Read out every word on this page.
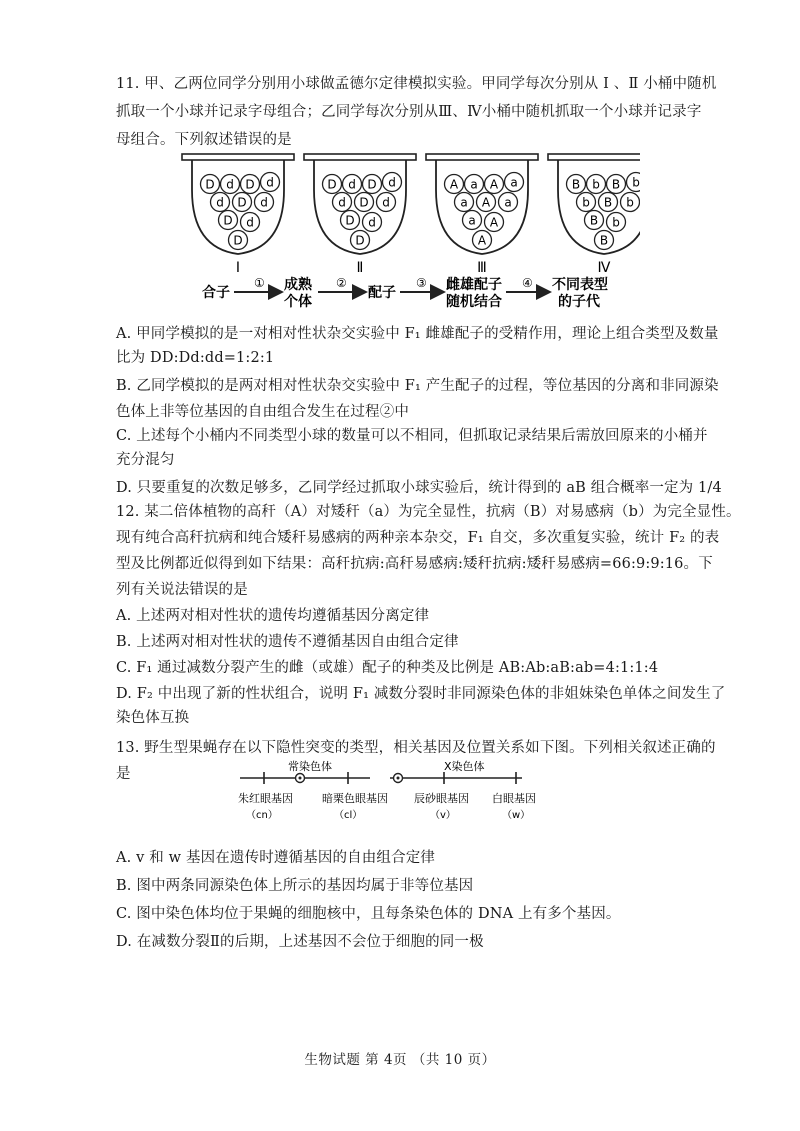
11. 甲、乙两位同学分别用小球做孟德尔定律模拟实验。甲同学每次分别从 Ⅰ 、Ⅱ 小桶中随机
抓取一个小球并记录字母组合；乙同学每次分别从Ⅲ、Ⅳ小桶中随机抓取一个小球并记录字
母组合。下列叙述错误的是
D d D d
d D d
D d
D
Ⅰ
D d D d
d D d
D d
D
Ⅱ
A a A a
a A a
a A
A
Ⅲ
B b B b
b B b
B b
B
Ⅳ
合子
① 成熟
个体
②
配子
③ 雌雄配子
随机结合
④ 不同表型
的子代
A. 甲同学模拟的是一对相对性状杂交实验中 F₁ 雌雄配子的受精作用，理论上组合类型及数量
比为 DD:Dd:dd=1:2:1
B. 乙同学模拟的是两对相对性状杂交实验中 F₁ 产生配子的过程，等位基因的分离和非同源染
色体上非等位基因的自由组合发生在过程②中
C. 上述每个小桶内不同类型小球的数量可以不相同，但抓取记录结果后需放回原来的小桶并
充分混匀
D. 只要重复的次数足够多，乙同学经过抓取小球实验后，统计得到的 aB 组合概率一定为 1/4
12. 某二倍体植物的高秆（A）对矮秆（a）为完全显性，抗病（B）对易感病（b）为完全显性。
现有纯合高秆抗病和纯合矮秆易感病的两种亲本杂交，F₁ 自交，多次重复实验，统计 F₂ 的表
型及比例都近似得到如下结果：高秆抗病:高秆易感病:矮秆抗病:矮秆易感病=66:9:9:16。下
列有关说法错误的是
A. 上述两对相对性状的遗传均遵循基因分离定律
B. 上述两对相对性状的遗传不遵循基因自由组合定律
C. F₁ 通过减数分裂产生的雌（或雄）配子的种类及比例是 AB:Ab:aB:ab=4:1:1:4
D. F₂ 中出现了新的性状组合，说明 F₁ 减数分裂时非同源染色体的非姐妹染色单体之间发生了
染色体互换
13. 野生型果蝇存在以下隐性突变的类型，相关基因及位置关系如下图。下列相关叙述正确的
是	常染色体	X染色体
朱红眼基因
（cn）
暗栗色眼基因
（cl）
辰砂眼基因
（v）
白眼基因
（w）
A. v 和 w 基因在遗传时遵循基因的自由组合定律
B. 图中两条同源染色体上所示的基因均属于非等位基因
C. 图中染色体均位于果蝇的细胞核中，且每条染色体的 DNA 上有多个基因。
D. 在减数分裂Ⅱ的后期，上述基因不会位于细胞的同一极
生物试题 第 4页 （共 10 页）
